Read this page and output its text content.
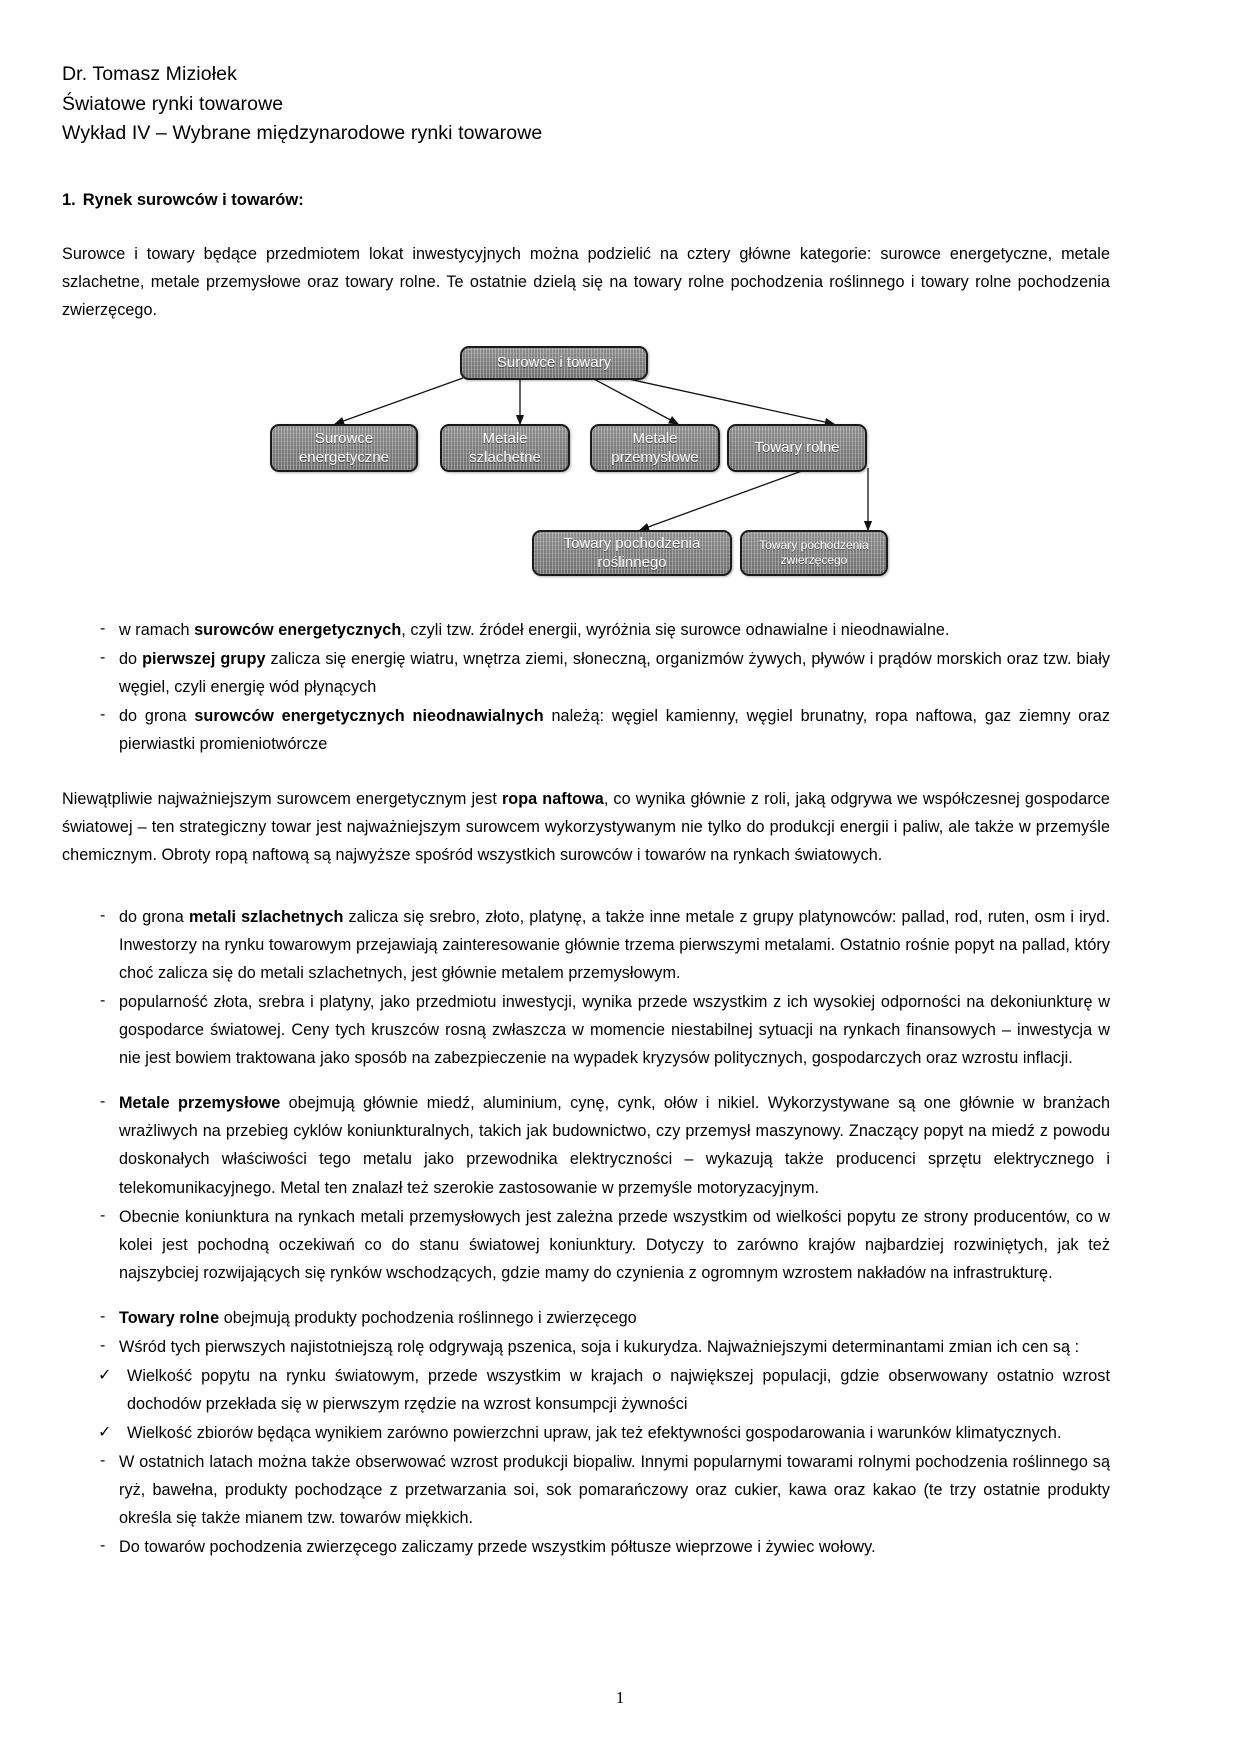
Dr. Tomasz Miziołek
Światowe rynki towarowe
Wykład IV – Wybrane międzynarodowe rynki towarowe
1. Rynek surowców i towarów:

Surowce i towary będące przedmiotem lokat inwestycyjnych można podzielić na cztery główne kategorie: surowce energetyczne, metale szlachetne, metale przemysłowe oraz towary rolne. Te ostatnie dzielą się na towary rolne pochodzenia roślinnego i towary rolne pochodzenia zwierzęcego.

Surowce i towary
Surowce energetyczne
Metale szlachetne
Metale przemysłowe
Towary rolne
Towary pochodzenia roślinnego
Towary pochodzenia zwierzęcego
- w ramach surowców energetycznych, czyli tzw. źródeł energii, wyróżnia się surowce odnawialne i nieodnawialne.
- do pierwszej grupy zalicza się energię wiatru, wnętrza ziemi, słoneczną, organizmów żywych, pływów i prądów morskich oraz tzw. biały węgiel, czyli energię wód płynących
- do grona surowców energetycznych nieodnawialnych należą: węgiel kamienny, węgiel brunatny, ropa naftowa, gaz ziemny oraz pierwiastki promieniotwórcze

Niewątpliwie najważniejszym surowcem energetycznym jest ropa naftowa, co wynika głównie z roli, jaką odgrywa we współczesnej gospodarce światowej – ten strategiczny towar jest najważniejszym surowcem wykorzystywanym nie tylko do produkcji energii i paliw, ale także w przemyśle chemicznym. Obroty ropą naftową są najwyższe spośród wszystkich surowców i towarów na rynkach światowych.

- do grona metali szlachetnych zalicza się srebro, złoto, platynę, a także inne metale z grupy platynowców: pallad, rod, ruten, osm i iryd. Inwestorzy na rynku towarowym przejawiają zainteresowanie głównie trzema pierwszymi metalami. Ostatnio rośnie popyt na pallad, który choć zalicza się do metali szlachetnych, jest głównie metalem przemysłowym.
- popularność złota, srebra i platyny, jako przedmiotu inwestycji, wynika przede wszystkim z ich wysokiej odporności na dekoniunkturę w gospodarce światowej. Ceny tych kruszców rosną zwłaszcza w momencie niestabilnej sytuacji na rynkach finansowych – inwestycja w nie jest bowiem traktowana jako sposób na zabezpieczenie na wypadek kryzysów politycznych, gospodarczych oraz wzrostu inflacji.
- Metale przemysłowe obejmują głównie miedź, aluminium, cynę, cynk, ołów i nikiel. Wykorzystywane są one głównie w branżach wrażliwych na przebieg cyklów koniunkturalnych, takich jak budownictwo, czy przemysł maszynowy. Znaczący popyt na miedź z powodu doskonałych właściwości tego metalu jako przewodnika elektryczności – wykazują także producenci sprzętu elektrycznego i telekomunikacyjnego. Metal ten znalazł też szerokie zastosowanie w przemyśle motoryzacyjnym.
- Obecnie koniunktura na rynkach metali przemysłowych jest zależna przede wszystkim od wielkości popytu ze strony producentów, co w kolei jest pochodną oczekiwań co do stanu światowej koniunktury. Dotyczy to zarówno krajów najbardziej rozwiniętych, jak też najszybciej rozwijających się rynków wschodzących, gdzie mamy do czynienia z ogromnym wzrostem nakładów na infrastrukturę.
- Towary rolne obejmują produkty pochodzenia roślinnego i zwierzęcego
- Wśród tych pierwszych najistotniejszą rolę odgrywają pszenica, soja i kukurydza. Najważniejszymi determinantami zmian ich cen są :
✓ Wielkość popytu na rynku światowym, przede wszystkim w krajach o największej populacji, gdzie obserwowany ostatnio wzrost dochodów przekłada się w pierwszym rzędzie na wzrost konsumpcji żywności
✓ Wielkość zbiorów będąca wynikiem zarówno powierzchni upraw, jak też efektywności gospodarowania i warunków klimatycznych.
- W ostatnich latach można także obserwować wzrost produkcji biopaliw. Innymi popularnymi towarami rolnymi pochodzenia roślinnego są ryż, bawełna, produkty pochodzące z przetwarzania soi, sok pomarańczowy oraz cukier, kawa oraz kakao (te trzy ostatnie produkty określa się także mianem tzw. towarów miękkich.
- Do towarów pochodzenia zwierzęcego zaliczamy przede wszystkim półtusze wieprzowe i żywiec wołowy.
1
